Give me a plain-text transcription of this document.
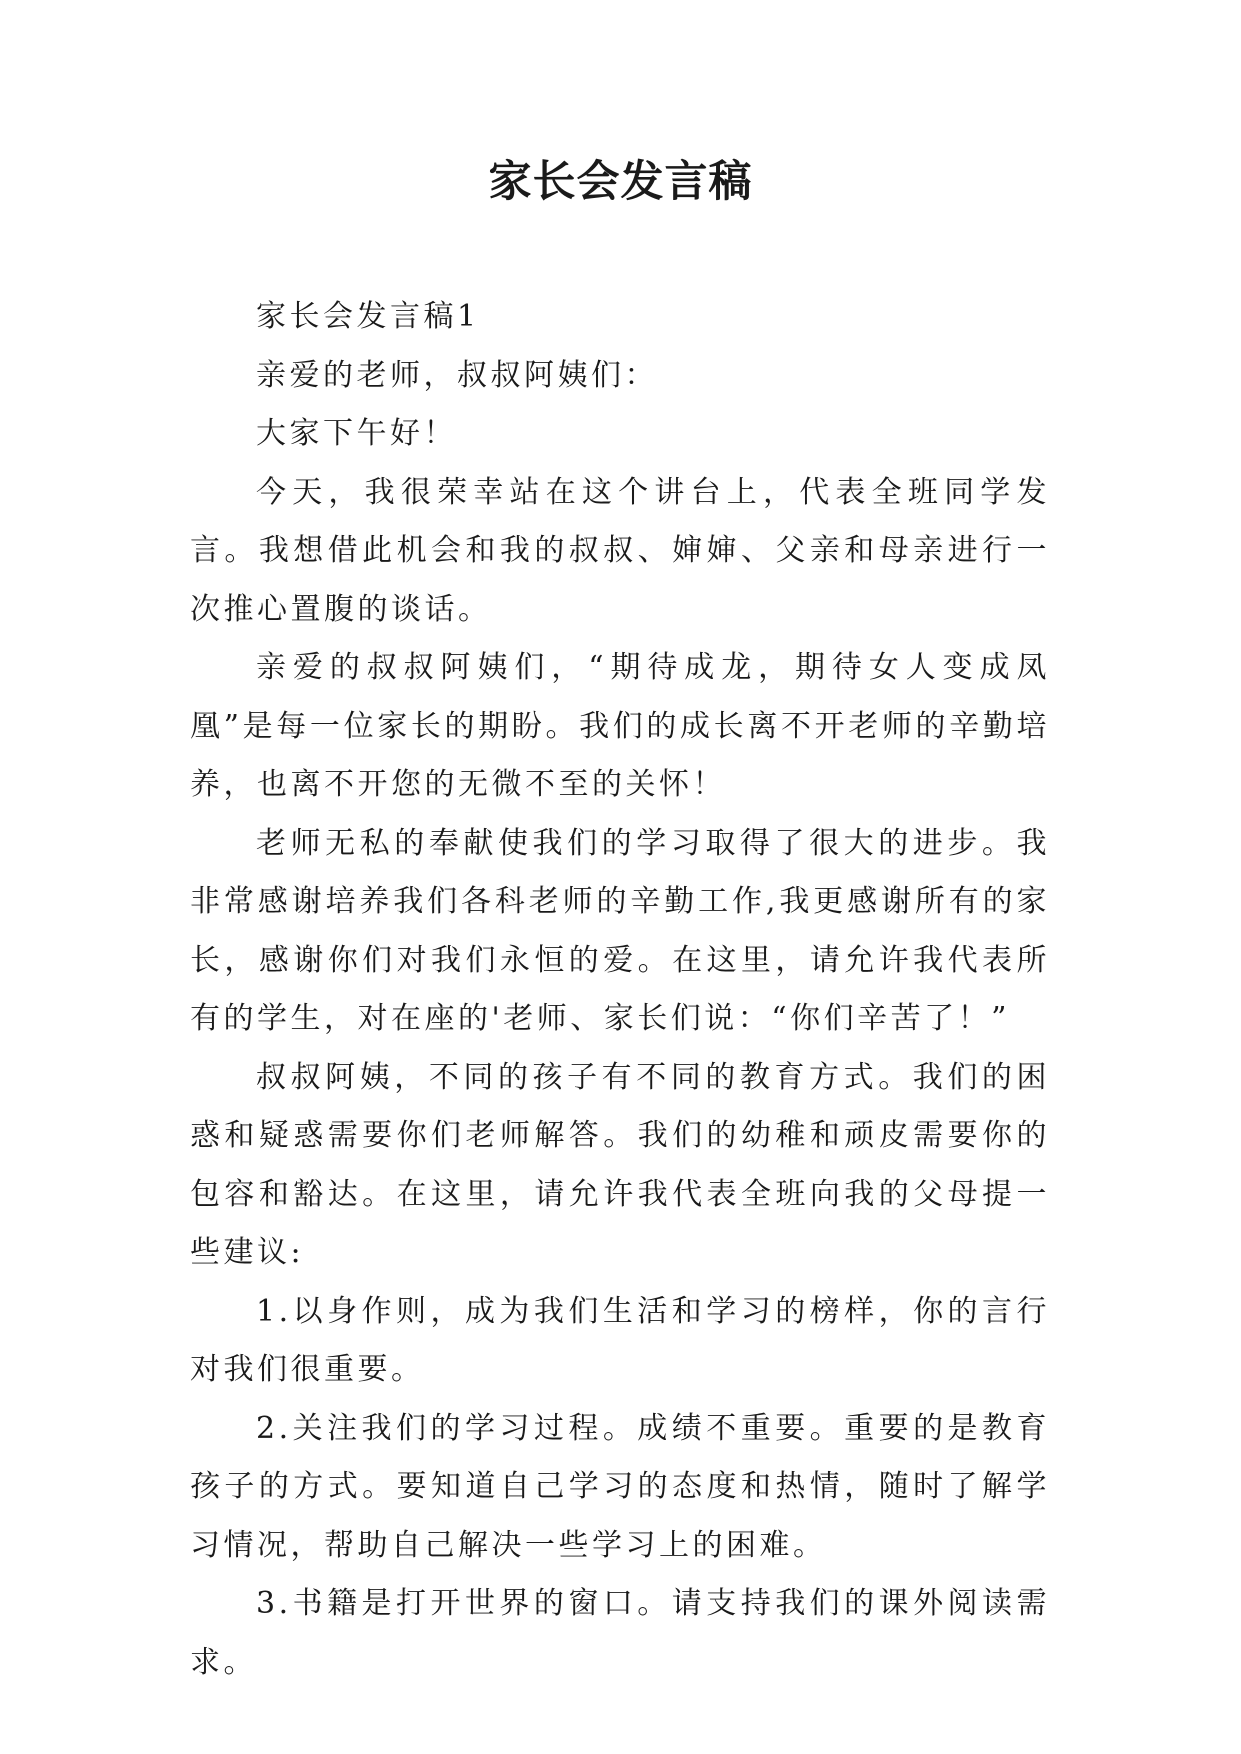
家长会发言稿

家长会发言稿1

亲爱的老师，叔叔阿姨们：

大家下午好！

今天，我很荣幸站在这个讲台上，代表全班同学发言。我想借此机会和我的叔叔、婶婶、父亲和母亲进行一次推心置腹的谈话。

亲爱的叔叔阿姨们，“期待成龙，期待女人变成凤凰”是每一位家长的期盼。我们的成长离不开老师的辛勤培养，也离不开您的无微不至的关怀！

老师无私的奉献使我们的学习取得了很大的进步。我非常感谢培养我们各科老师的辛勤工作,我更感谢所有的家长，感谢你们对我们永恒的爱。在这里，请允许我代表所有的学生，对在座的'老师、家长们说：“你们辛苦了！”

叔叔阿姨，不同的孩子有不同的教育方式。我们的困惑和疑惑需要你们老师解答。我们的幼稚和顽皮需要你的包容和豁达。在这里，请允许我代表全班向我的父母提一些建议:

1.以身作则，成为我们生活和学习的榜样，你的言行对我们很重要。

2.关注我们的学习过程。成绩不重要。重要的是教育孩子的方式。要知道自己学习的态度和热情，随时了解学习情况，帮助自己解决一些学习上的困难。

3.书籍是打开世界的窗口。请支持我们的课外阅读需求。
